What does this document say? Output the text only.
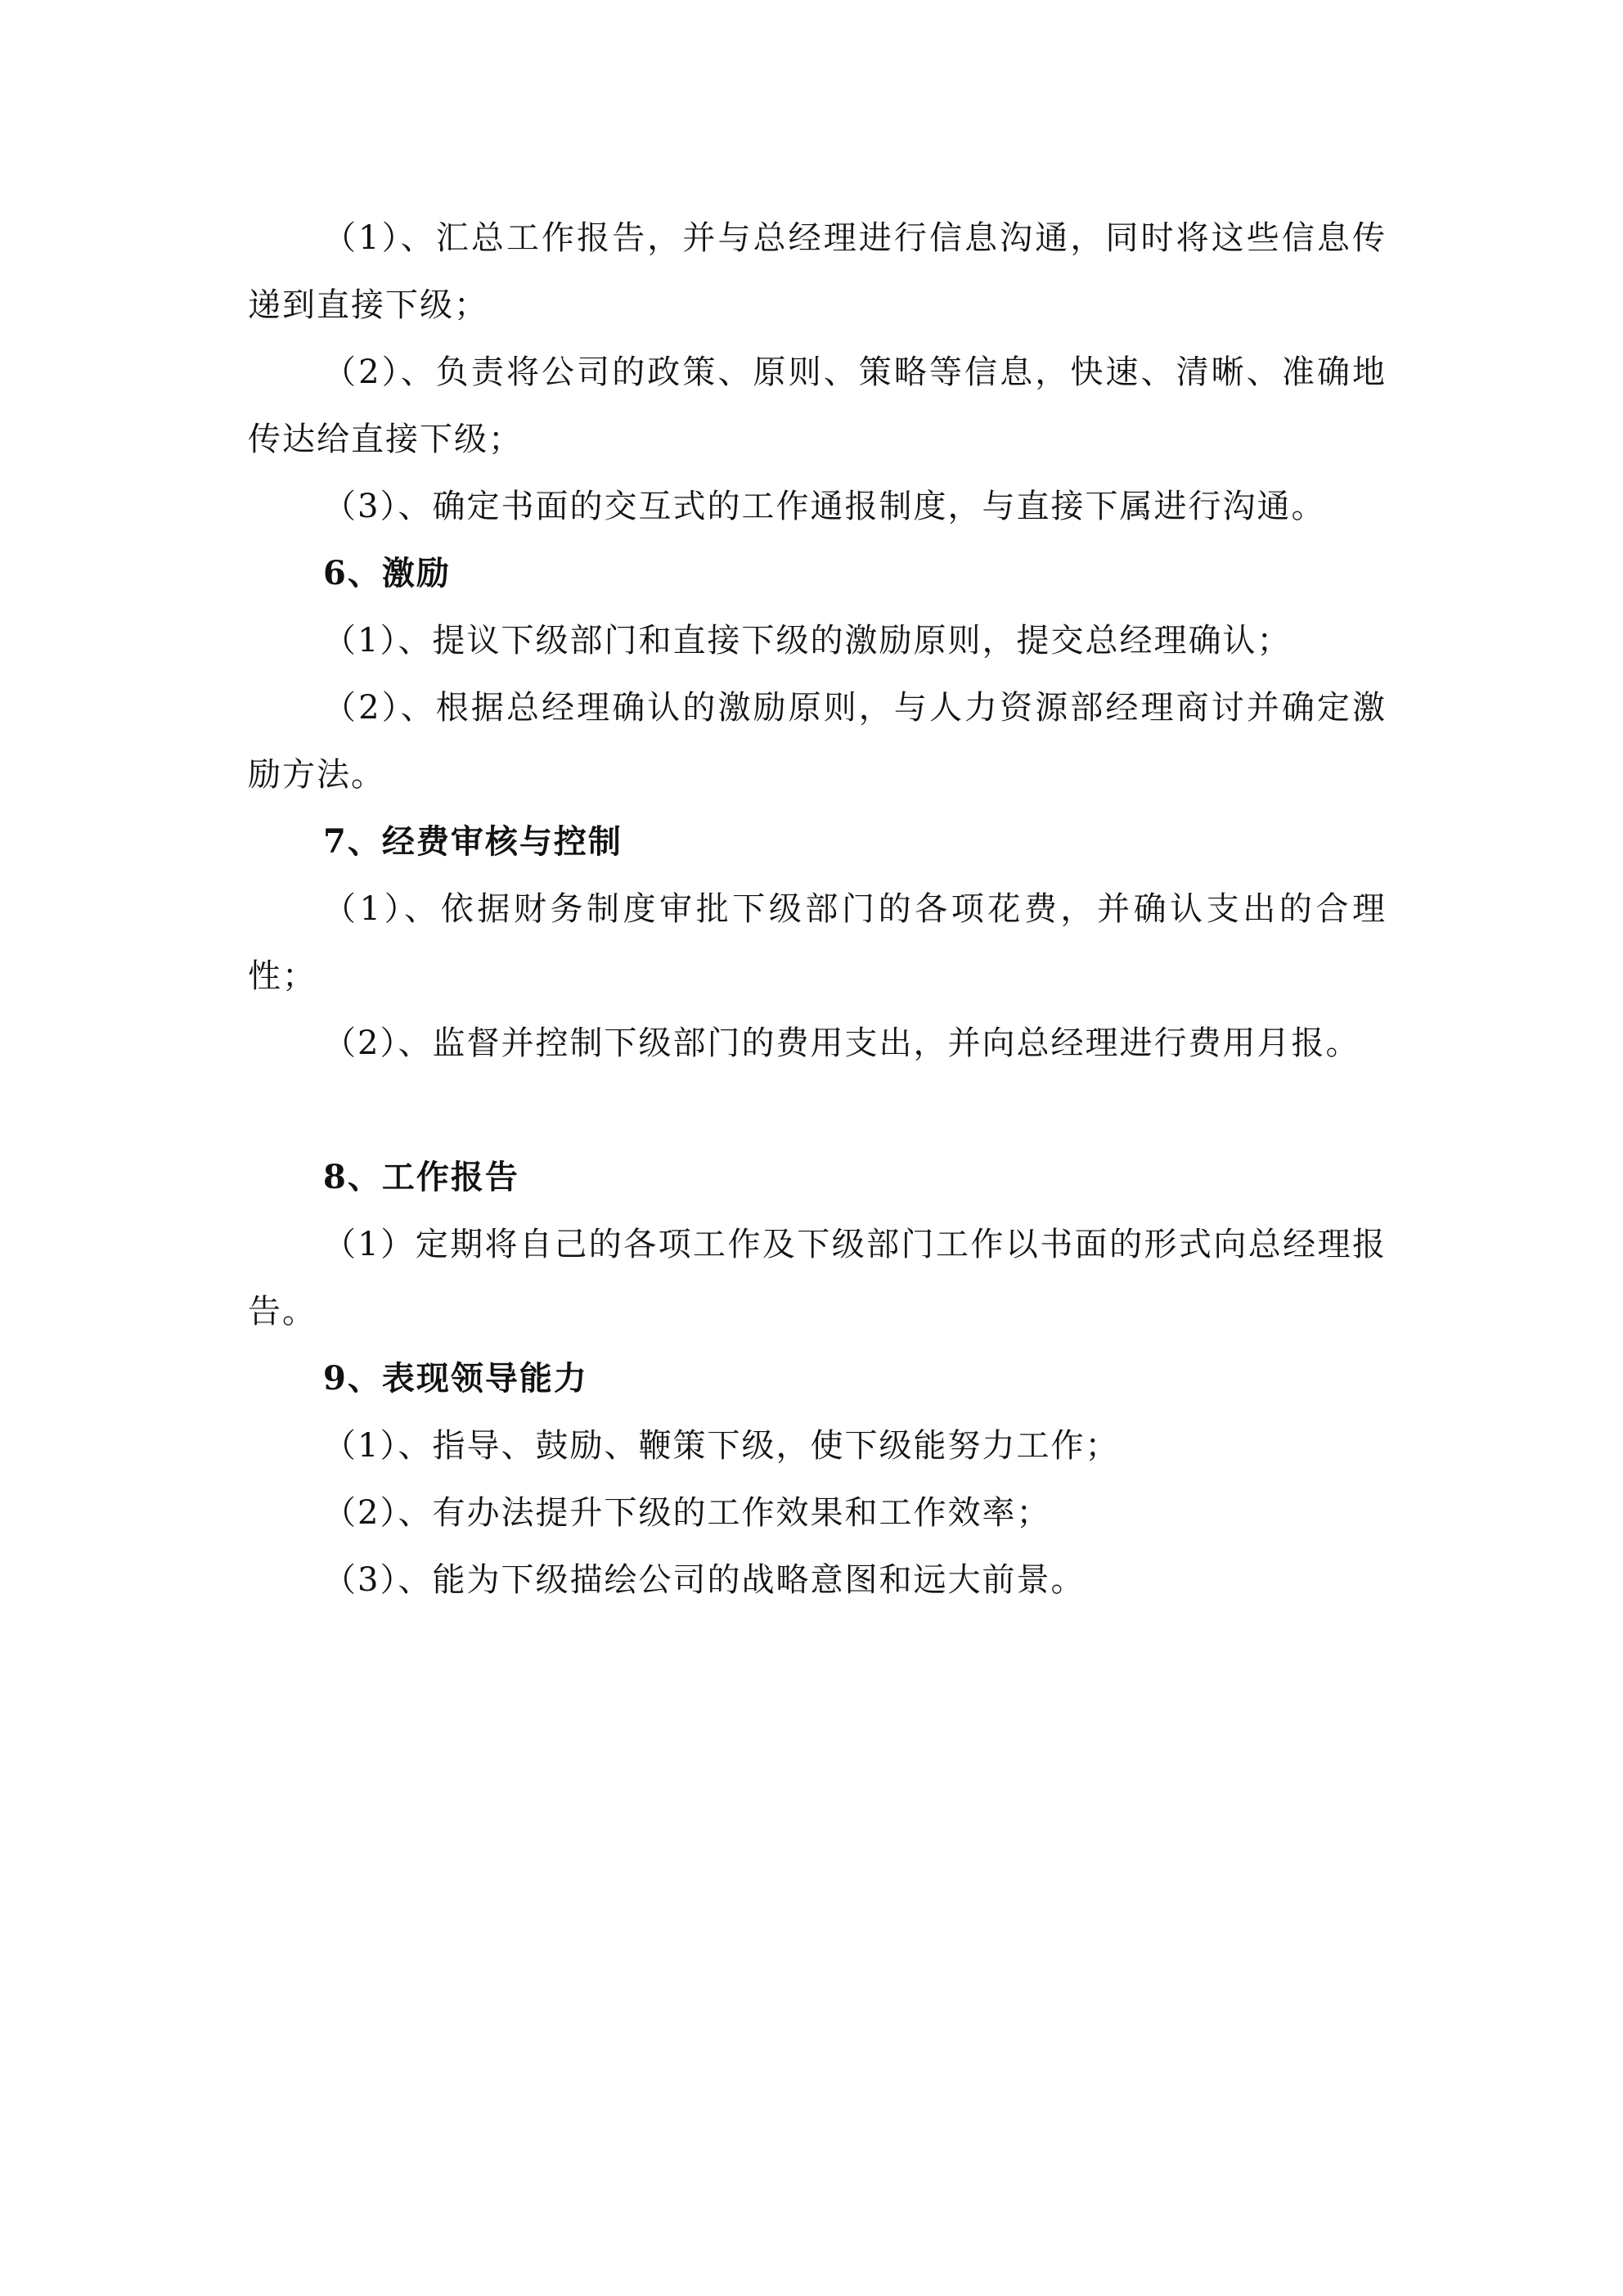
（1）、汇总工作报告，并与总经理进行信息沟通，同时将这些信息传递到直接下级；

（2）、负责将公司的政策、原则、策略等信息，快速、清晰、准确地传达给直接下级；

（3）、确定书面的交互式的工作通报制度，与直接下属进行沟通。

6、激励

（1）、提议下级部门和直接下级的激励原则，提交总经理确认；

（2）、根据总经理确认的激励原则，与人力资源部经理商讨并确定激励方法。

7、经费审核与控制

（1）、依据财务制度审批下级部门的各项花费，并确认支出的合理性；

（2）、监督并控制下级部门的费用支出，并向总经理进行费用月报。

8、工作报告

（1）定期将自己的各项工作及下级部门工作以书面的形式向总经理报告。

9、表现领导能力

（1）、指导、鼓励、鞭策下级，使下级能努力工作；

（2）、有办法提升下级的工作效果和工作效率；

（3）、能为下级描绘公司的战略意图和远大前景。
